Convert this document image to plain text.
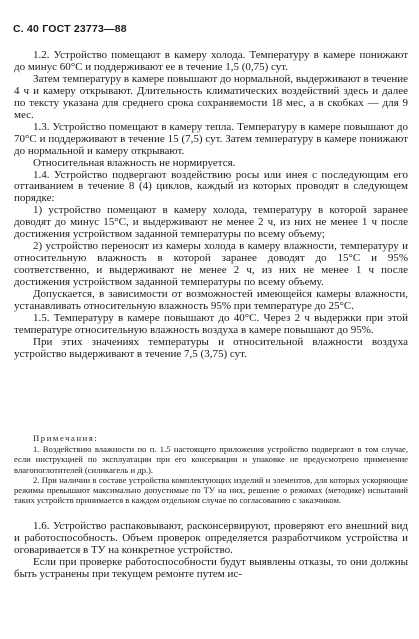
С. 40 ГОСТ 23773—88

1.2. Устройство помещают в камеру холода. Температуру в камере понижают до минус 60°С и поддерживают ее в течение 1,5 (0,75) сут.

Затем температуру в камере повышают до нормальной, выдерживают в течение 4 ч и камеру открывают. Длительность климатических воздействий здесь и далее по тексту указана для среднего срока сохраняемости 18 мес, а в скобках — для 9 мес.

1.3. Устройство помещают в камеру тепла. Температуру в камере повышают до 70°С и поддерживают в течение 15 (7,5) сут. Затем температуру в камере понижают до нормальной и камеру открывают.

Относительная влажность не нормируется.

1.4. Устройство подвергают воздействию росы или инея с последующим его оттаиванием в течение 8 (4) циклов, каждый из которых проводят в следующем порядке:

1) устройство помещают в камеру холода, температуру в которой заранее доводят до минус 15°С, и выдерживают не менее 2 ч, из них не менее 1 ч после достижения устройством заданной температуры по всему объему;

2) устройство переносят из камеры холода в камеру влажности, температуру и относительную влажность в которой заранее доводят до 15°С и 95% соответственно, и выдерживают не менее 2 ч, из них не менее 1 ч после достижения устройством заданной температуры по всему объему.

Допускается, в зависимости от возможностей имеющейся камеры влажности, устанавливать относительную влажность 95% при температуре до 25°С.

1.5. Температуру в камере повышают до 40°С. Через 2 ч выдержки при этой температуре относительную влажность воздуха в камере повышают до 95%.

При этих значениях температуры и относительной влажности воздуха устройство выдерживают в течение 7,5 (3,75) сут.

Примечания:

1. Воздействию влажности по п. 1.5 настоящего приложения устройство подвергают в том случае, если инструкцией по эксплуатации при его консервации и упаковке не предусмотрено применение влагопоглотителей (силикагель и др.).

2. При наличии в составе устройства комплектующих изделий и элементов, для которых ускоряющие режимы превышают максимально допустимые по ТУ на них, решение о режимах (методике) испытаний таких устройств принимается в каждом отдельном случае по согласованию с заказчиком.

1.6. Устройство распаковывают, расконсервируют, проверяют его внешний вид и работоспособность. Объем проверок определяется разработчиком устройства и оговаривается в ТУ на конкретное устройство.

Если при проверке работоспособности будут выявлены отказы, то они должны быть устранены при текущем ремонте путем ис-
